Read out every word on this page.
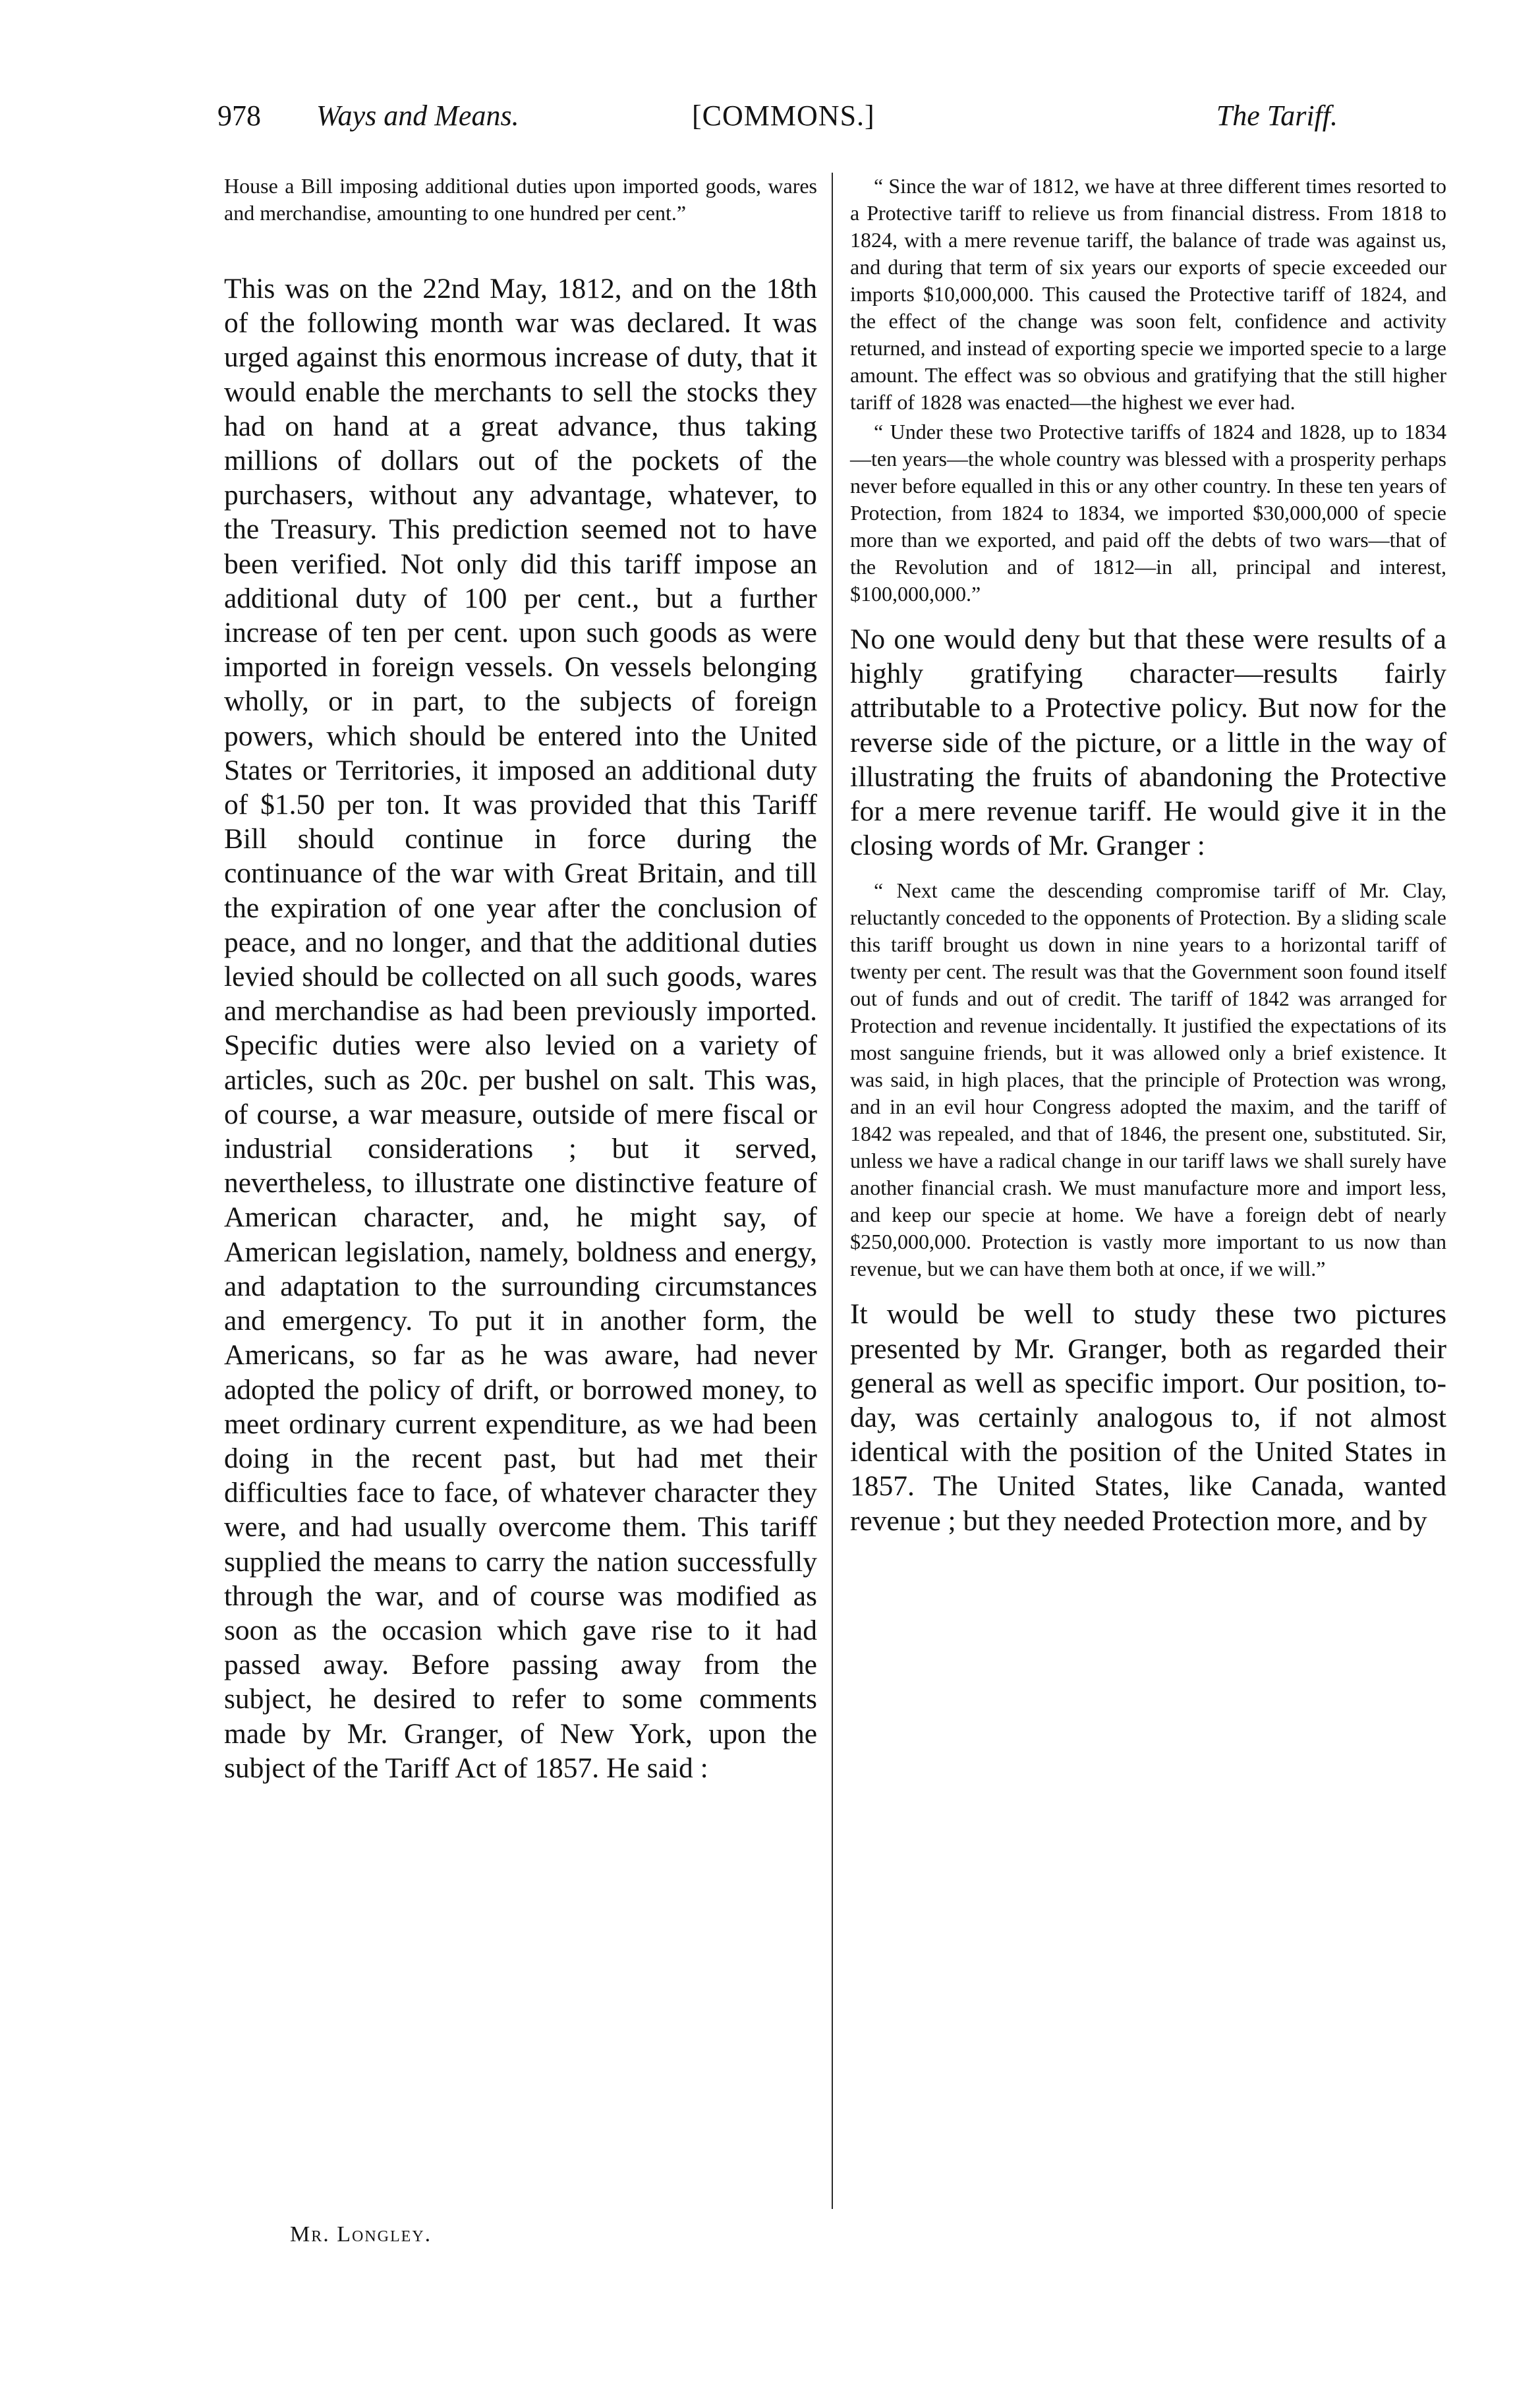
978 Ways and Means.	[COMMONS.]	The Tariff.

House a Bill imposing additional duties upon imported goods, wares and merchandise, amounting to one hundred per cent.”

This was on the 22nd May, 1812, and on the 18th of the following month war was declared. It was urged against this enormous increase of duty, that it would enable the merchants to sell the stocks they had on hand at a great advance, thus taking millions of dollars out of the pockets of the purchasers, without any advantage, whatever, to the Treasury. This prediction seemed not to have been verified. Not only did this tariff impose an additional duty of 100 per cent., but a further increase of ten per cent. upon such goods as were imported in foreign vessels. On vessels belonging wholly, or in part, to the subjects of foreign powers, which should be entered into the United States or Territories, it imposed an additional duty of $1.50 per ton. It was provided that this Tariff Bill should continue in force during the continuance of the war with Great Britain, and till the expiration of one year after the conclusion of peace, and no longer, and that the additional duties levied should be collected on all such goods, wares and merchandise as had been previously imported. Specific duties were also levied on a variety of articles, such as 20c. per bushel on salt. This was, of course, a war measure, outside of mere fiscal or industrial considerations ; but it served, nevertheless, to illustrate one distinctive feature of American character, and, he might say, of American legislation, namely, boldness and energy, and adaptation to the surrounding circumstances and emergency. To put it in another form, the Americans, so far as he was aware, had never adopted the policy of drift, or borrowed money, to meet ordinary current expenditure, as we had been doing in the recent past, but had met their difficulties face to face, of whatever character they were, and had usually overcome them. This tariff supplied the means to carry the nation successfully through the war, and of course was modified as soon as the occasion which gave rise to it had passed away. Before passing away from the subject, he desired to refer to some comments made by Mr. Granger, of New York, upon the subject of the Tariff Act of 1857. He said :

“ Since the war of 1812, we have at three different times resorted to a Protective tariff to relieve us from financial distress. From 1818 to 1824, with a mere revenue tariff, the balance of trade was against us, and during that term of six years our exports of specie exceeded our imports $10,000,000. This caused the Protective tariff of 1824, and the effect of the change was soon felt, confidence and activity returned, and instead of exporting specie we imported specie to a large amount. The effect was so obvious and gratifying that the still higher tariff of 1828 was enacted—the highest we ever had.

“ Under these two Protective tariffs of 1824 and 1828, up to 1834—ten years—the whole country was blessed with a prosperity perhaps never before equalled in this or any other country. In these ten years of Protection, from 1824 to 1834, we imported $30,000,000 of specie more than we exported, and paid off the debts of two wars—that of the Revolution and of 1812—in all, principal and interest, $100,000,000.”

No one would deny but that these were results of a highly gratifying character—results fairly attributable to a Protective policy. But now for the reverse side of the picture, or a little in the way of illustrating the fruits of abandoning the Protective for a mere revenue tariff. He would give it in the closing words of Mr. Granger :

“ Next came the descending compromise tariff of Mr. Clay, reluctantly conceded to the opponents of Protection. By a sliding scale this tariff brought us down in nine years to a horizontal tariff of twenty per cent. The result was that the Government soon found itself out of funds and out of credit. The tariff of 1842 was arranged for Protection and revenue incidentally. It justified the expectations of its most sanguine friends, but it was allowed only a brief existence. It was said, in high places, that the principle of Protection was wrong, and in an evil hour Congress adopted the maxim, and the tariff of 1842 was repealed, and that of 1846, the present one, substituted. Sir, unless we have a radical change in our tariff laws we shall surely have another financial crash. We must manufacture more and import less, and keep our specie at home. We have a foreign debt of nearly $250,000,000. Protection is vastly more important to us now than revenue, but we can have them both at once, if we will.”

It would be well to study these two pictures presented by Mr. Granger, both as regarded their general as well as specific import. Our position, to-day, was certainly analogous to, if not almost identical with the position of the United States in 1857. The United States, like Canada, wanted revenue ; but they needed Protection more, and by

Mr. Longley.
